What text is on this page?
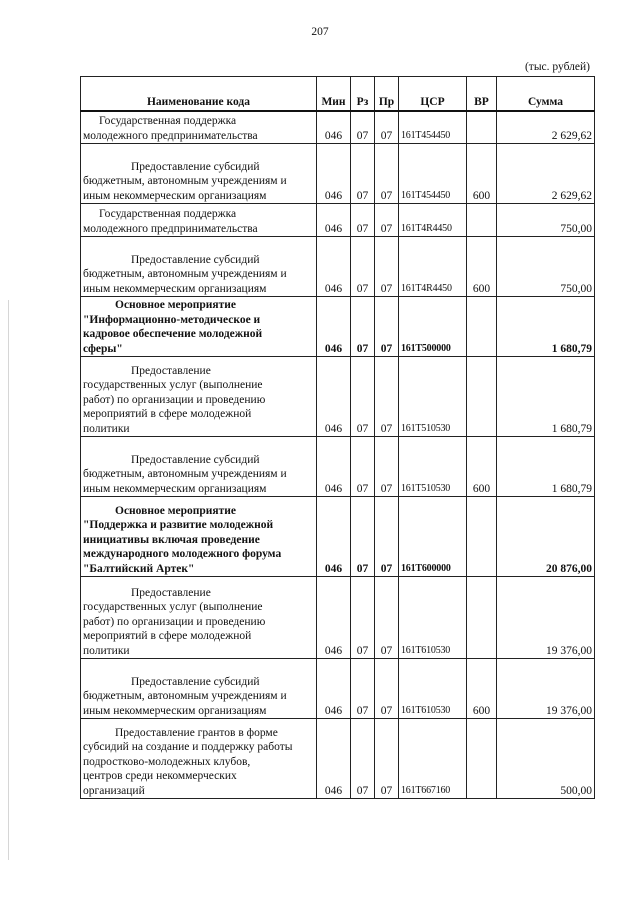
207
(тыс. рублей)
Наименование кода	Мин	Рз	Пр	ЦСР	ВР	Сумма

Государственная поддержка
молодежного предпринимательства	046	07	07	161Т454450		2 629,62

Предоставление субсидий
бюджетным, автономным учреждениям и
иным некоммерческим организациям	046	07	07	161Т454450	600	2 629,62

Государственная поддержка
молодежного предпринимательства	046	07	07	161Т4R4450		750,00

Предоставление субсидий
бюджетным, автономным учреждениям и
иным некоммерческим организациям	046	07	07	161Т4R4450	600	750,00

Основное мероприятие
"Информационно-методическое и
кадровое обеспечение молодежной
сферы"	046	07	07	161Т500000		1 680,79

Предоставление
государственных услуг (выполнение
работ) по организации и проведению
мероприятий в сфере молодежной
политики	046	07	07	161Т510530		1 680,79

Предоставление субсидий
бюджетным, автономным учреждениям и
иным некоммерческим организациям	046	07	07	161Т510530	600	1 680,79

Основное мероприятие
"Поддержка и развитие молодежной
инициативы включая проведение
международного молодежного форума
"Балтийский Артек"	046	07	07	161Т600000		20 876,00

Предоставление
государственных услуг (выполнение
работ) по организации и проведению
мероприятий в сфере молодежной
политики	046	07	07	161Т610530		19 376,00

Предоставление субсидий
бюджетным, автономным учреждениям и
иным некоммерческим организациям	046	07	07	161Т610530	600	19 376,00

Предоставление грантов в форме
субсидий на создание и поддержку работы
подростково-молодежных клубов,
центров среди некоммерческих
организаций	046	07	07	161Т667160		500,00
